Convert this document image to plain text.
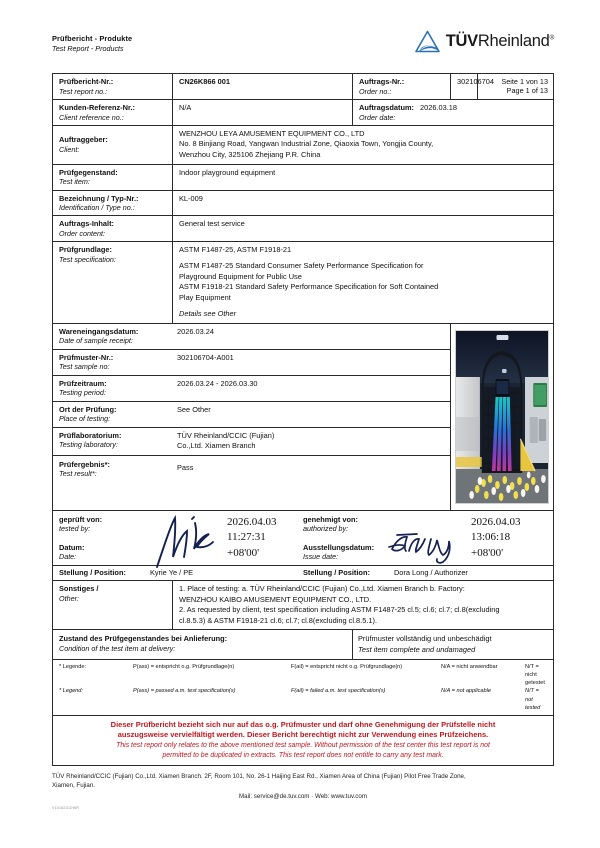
Prüfbericht - Produkte
Test Report - Products	TÜVRheinland®
Prüfbericht-Nr.:
Test report no.:

CN26K866 001	Auftrags-Nr.:
Order no.:

302106704	Seite 1 von 13
Page 1 of 13

Kunden-Referenz-Nr.:
Client reference no.:

N/A	Auftragsdatum:
Order date:
2026.03.18

Auftraggeber:
Client:

WENZHOU LEYA AMUSEMENT EQUIPMENT CO., LTD
No. 8 Binjiang Road, Yangwan Industrial Zone, Qiaoxia Town, Yongjia County,
Wenzhou City, 325106 Zhejiang P.R. China

Prüfgegenstand:
Test item:

Indoor playground equipment

Bezeichnung / Typ-Nr.:
Identification / Type no.:

KL-009

Auftrags-Inhalt:
Order content:

General test service

Prüfgrundlage:
Test specification:

ASTM F1487-25, ASTM F1918-21
ASTM F1487-25 Standard Consumer Safety Performance Specification for
Playground Equipment for Public Use
ASTM F1918-21 Standard Safety Performance Specification for Soft Contained
Play Equipment
Details see Other

Wareneingangsdatum:
Date of sample receipt:

2026.03.24

Prüfmuster-Nr.:
Test sample no:

302106704-A001

Prüfzeitraum:
Testing period:

2026.03.24 - 2026.03.30

Ort der Prüfung:
Place of testing:

See Other

Prüflaboratorium:
Testing laboratory:

TÜV Rheinland/CCIC (Fujian)
Co.,Ltd. Xiamen Branch

Prüfergebnis*:
Test result*:

Pass

geprüft von:
tested by:
Datum:
Date:
2026.04.03
11:27:31
+08'00'
genehmigt von:
authorized by:
Ausstellungsdatum:
Issue date:
2026.04.03
13:06:18
+08'00'

Stellung / Position:	Kyrie Ye / PE	Stellung / Position:	Dora Long / Authorizer

Sonstiges /
Other:

1. Place of testing: a. TÜV Rheinland/CCIC (Fujian) Co.,Ltd. Xiamen Branch b. Factory:
WENZHOU KAIBO AMUSEMENT EQUIPMENT CO., LTD.
2. As requested by client, test specification including ASTM F1487-25 cl.5; cl.6; cl.7; cl.8(excluding
cl.8.5.3) & ASTM F1918-21 cl.6; cl.7; cl.8(excluding cl.8.5.1).

Zustand des Prüfgegenstandes bei Anlieferung:
Condition of the test item at delivery:

Prüfmuster vollständig und unbeschädigt
Test item complete and undamaged

* Legende:	P(ass) = entspricht o.g. Prüfgrundlage(n)	F(ail) = entspricht nicht o.g. Prüfgrundlage(n)	N/A = nicht anwendbar	N/T = nicht getestet
* Legend:	P(ass) = passed a.m. test specification(s)	F(ail) = failed a.m. test specification(s)	N/A = not applicable	N/T = not tested

Dieser Prüfbericht bezieht sich nur auf das o.g. Prüfmuster und darf ohne Genehmigung der Prüfstelle nicht
auszugsweise vervielfältigt werden. Dieser Bericht berechtigt nicht zur Verwendung eines Prüfzeichens.
This test report only relates to the above mentioned test sample. Without permission of the test center this test report is not
permitted to be duplicated in extracts. This test report does not entitle to carry any test mark.
TÜV Rheinland/CCIC (Fujian) Co.,Ltd. Xiamen Branch. 2F, Room 101, No. 26-1 Haijing East Rd., Xiamen Area of China (Fujian) Pilot Free Trade Zone,
Xiamen, Fujian.
Mail: service@de.tuv.com · Web: www.tuv.com
V10162GCH6R
